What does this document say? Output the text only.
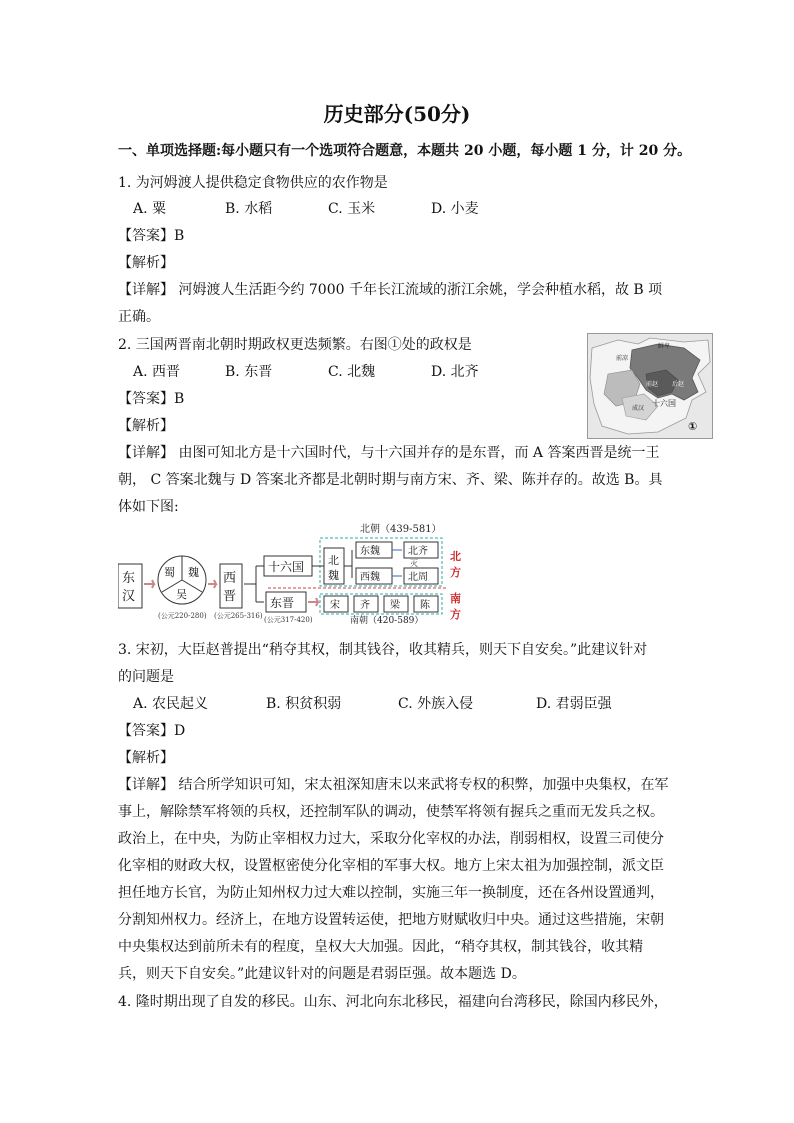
历史部分(50分)
一、单项选择题:每小题只有一个选项符合题意，本题共 20 小题，每小题 1 分，计 20 分。
1. 为河姆渡人提供稳定食物供应的农作物是
A. 粟	B. 水稻	C. 玉米	D. 小麦
【答案】B
【解析】
【详解】 河姆渡人生活距今约 7000 千年长江流域的浙江余姚，学会种植水稻，故 B 项
正确。
2. 三国两晋南北朝时期政权更迭频繁。右图①处的政权是
A. 西晋	B. 东晋	C. 北魏	D. 北齐
【答案】B
【解析】
【详解】 由图可知北方是十六国时代，与十六国并存的是东晋，而 A 答案西晋是统一王
朝， C 答案北魏与 D 答案北齐都是北朝时期与南方宋、齐、梁、陈并存的。故选 B。具
体如下图:
鲜卑
前凉
前赵 后赵
成汉
十六国
①
北朝（439-581）
东
汉
蜀 魏
吴
(公元220-280)
西
晋
(公元265-316)
十六国
东晋
(公元317-420)
北
魏
东魏
西魏
北齐
灭
北周
北
方
南
方
宋 齐 梁 陈
南朝（420-589）
3. 宋初，大臣赵普提出“稍夺其权，制其钱谷，收其精兵，则天下自安矣。”此建议针对
的问题是
A. 农民起义	B. 积贫积弱	C. 外族入侵	D. 君弱臣强
【答案】D
【解析】
【详解】 结合所学知识可知，宋太祖深知唐末以来武将专权的积弊，加强中央集权，在军
事上，解除禁军将领的兵权，还控制军队的调动，使禁军将领有握兵之重而无发兵之权。
政治上，在中央，为防止宰相权力过大，采取分化宰权的办法，削弱相权，设置三司使分
化宰相的财政大权，设置枢密使分化宰相的军事大权。地方上宋太祖为加强控制，派文臣
担任地方长官，为防止知州权力过大难以控制，实施三年一换制度，还在各州设置通判，
分割知州权力。经济上，在地方设置转运使，把地方财赋收归中央。通过这些措施，宋朝
中央集权达到前所未有的程度，皇权大大加强。因此，“稍夺其权，制其钱谷，收其精
兵，则天下自安矣。”此建议针对的问题是君弱臣强。故本题选 D。
4. 隆时期出现了自发的移民。山东、河北向东北移民，福建向台湾移民，除国内移民外，
